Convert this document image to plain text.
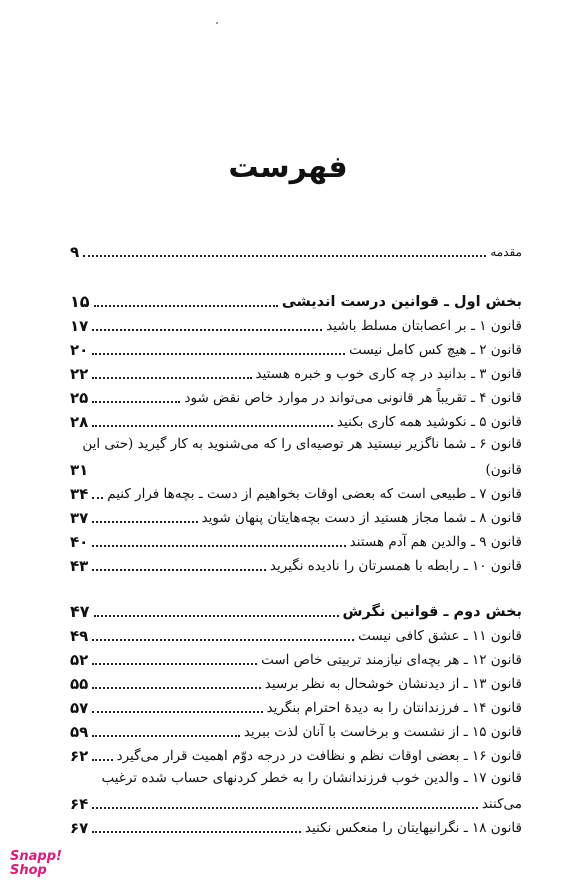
فهرست
مقدمه
۹
بخش اول ـ قوانین درست اندیشی
۱۵
قانون ۱ ـ بر اعصابتان مسلط باشید
۱۷
قانون ۲ ـ هیچ کس کامل نیست
۲۰
قانون ۳ ـ بدانید در چه کاری خوب و خبره هستید
۲۲
قانون ۴ ـ تقریباً هر قانونی می‌تواند در موارد خاص نقض شود
۲۵
قانون ۵ ـ نکوشید همه کاری بکنید
۲۸
قانون ۶ ـ شما ناگزیر نیستید هر توصیه‌ای را که می‌شنوید به کار گیرید (حتی این
قانون)
۳۱
قانون ۷ ـ طبیعی است که بعضی اوقات بخواهیم از دست ـ بچه‌ها فرار کنیم
۳۴
قانون ۸ ـ شما مجاز هستید از دست بچه‌هایتان پنهان شوید
۳۷
قانون ۹ ـ والدین هم آدم هستند
۴۰
قانون ۱۰ ـ رابطه با همسرتان را نادیده نگیرید
۴۳
بخش دوم ـ قوانین نگرش
۴۷
قانون ۱۱ ـ عشق کافی نیست
۴۹
قانون ۱۲ ـ هر بچه‌ای نیازمند تربیتی خاص است
۵۲
قانون ۱۳ ـ از دیدنشان خوشحال به نظر برسید
۵۵
قانون ۱۴ ـ فرزندانتان را به دیدهٔ احترام بنگرید
۵۷
قانون ۱۵ ـ از نشست و برخاست با آنان لذت ببرید
۵۹
قانون ۱۶ ـ بعضی اوقات نظم و نظافت در درجه دوّم اهمیت قرار می‌گیرد
۶۲
قانون ۱۷ ـ والدین خوب فرزندانشان را به خطر کردنهای حساب شده ترغیب
می‌کنند
۶۴
قانون ۱۸ ـ نگرانیهایتان را منعکس نکنید
۶۷
Snapp!
Shop
